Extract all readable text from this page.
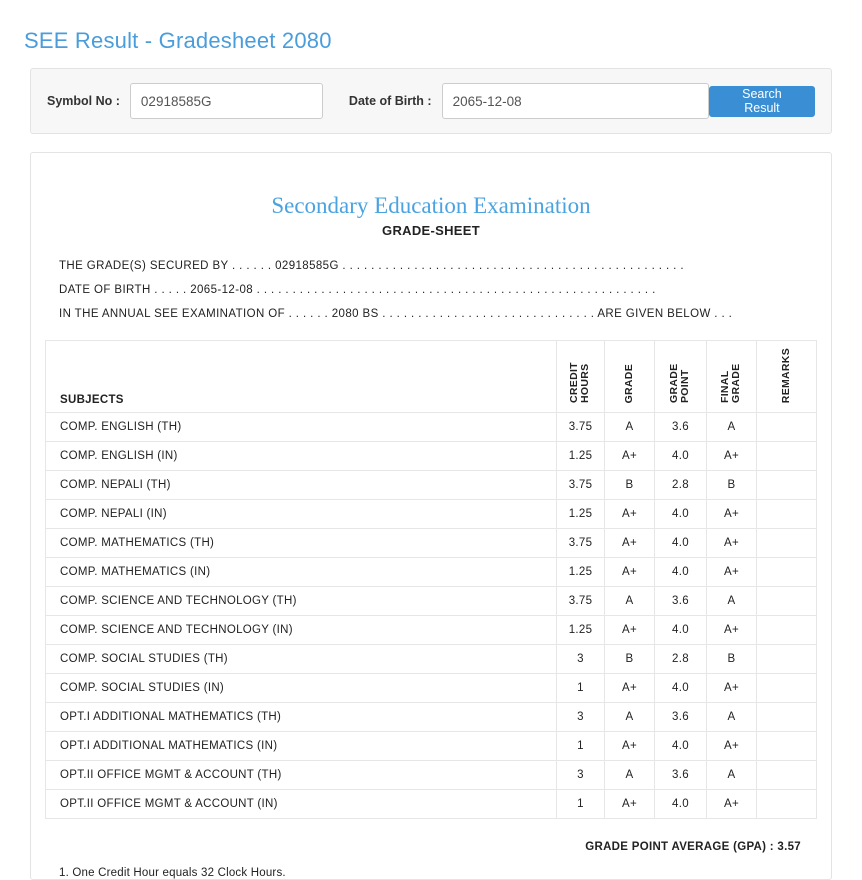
SEE Result - Gradesheet 2080
Symbol No :
02918585G	Date of Birth :
2065-12-08	Search Result
Secondary Education Examination
GRADE-SHEET
THE GRADE(S) SECURED BY . . . . . . 02918585G . . . . . . . . . . . . . . . . . . . . . . . . . . . . . . . . . . . . . . . . . . . . . . . .
DATE OF BIRTH . . . . . 2065-12-08 . . . . . . . . . . . . . . . . . . . . . . . . . . . . . . . . . . . . . . . . . . . . . . . . . . . . . . . .
IN THE ANNUAL SEE EXAMINATION OF . . . . . . 2080 BS . . . . . . . . . . . . . . . . . . . . . . . . . . . . . . ARE GIVEN BELOW . . .
SUBJECTS	CREDIT HOURS	GRADE	GRADE POINT	FINAL GRADE	REMARKS
COMP. ENGLISH (TH)	3.75	A	3.6	A	
COMP. ENGLISH (IN)	1.25	A+	4.0	A+	
COMP. NEPALI (TH)	3.75	B	2.8	B	
COMP. NEPALI (IN)	1.25	A+	4.0	A+	
COMP. MATHEMATICS (TH)	3.75	A+	4.0	A+	
COMP. MATHEMATICS (IN)	1.25	A+	4.0	A+	
COMP. SCIENCE AND TECHNOLOGY (TH)	3.75	A	3.6	A	
COMP. SCIENCE AND TECHNOLOGY (IN)	1.25	A+	4.0	A+	
COMP. SOCIAL STUDIES (TH)	3	B	2.8	B	
COMP. SOCIAL STUDIES (IN)	1	A+	4.0	A+	
OPT.I ADDITIONAL MATHEMATICS (TH)	3	A	3.6	A	
OPT.I ADDITIONAL MATHEMATICS (IN)	1	A+	4.0	A+	
OPT.II OFFICE MGMT & ACCOUNT (TH)	3	A	3.6	A	
OPT.II OFFICE MGMT & ACCOUNT (IN)	1	A+	4.0	A+	
GRADE POINT AVERAGE (GPA) : 3.57
1. One Credit Hour equals 32 Clock Hours.
